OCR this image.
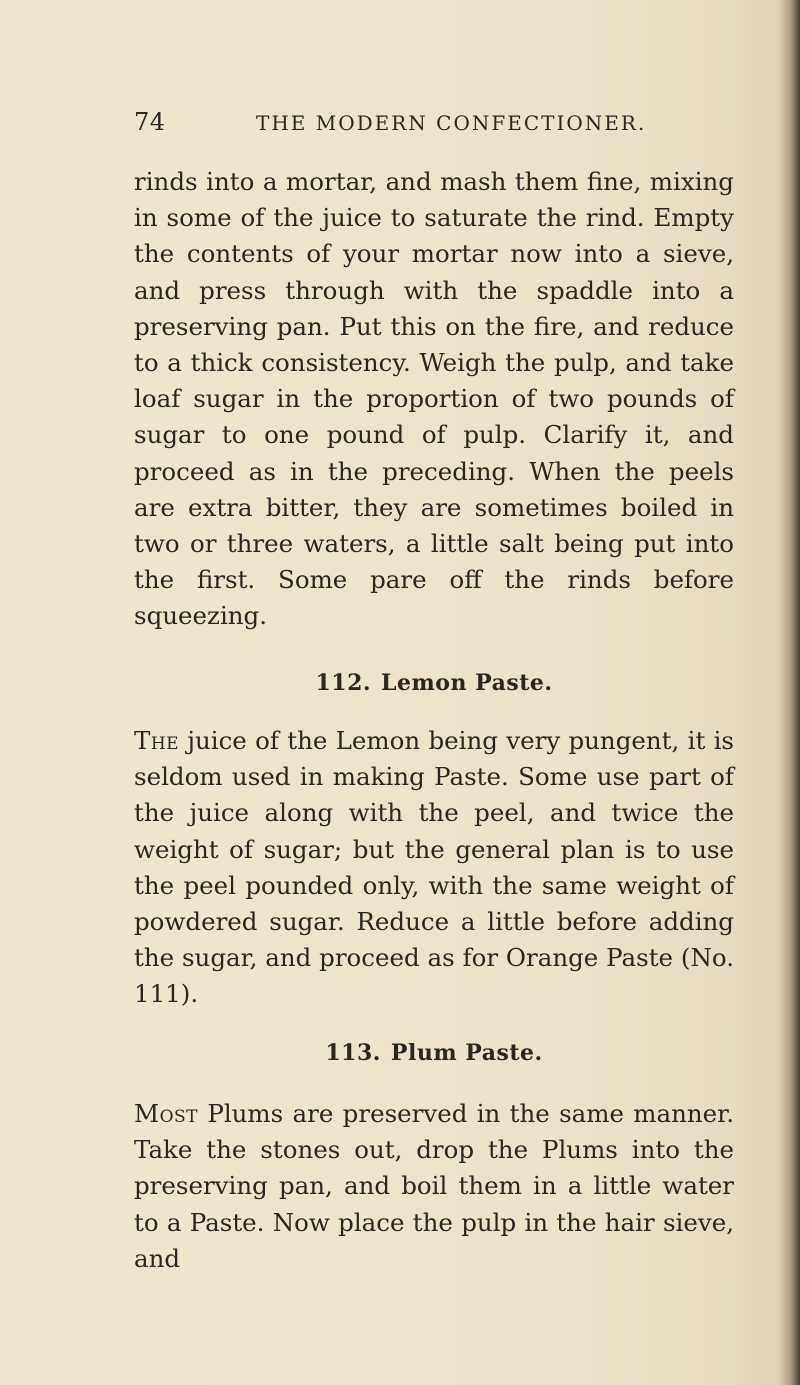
74	THE MODERN CONFECTIONER.

rinds into a mortar, and mash them fine, mixing in some of the juice to saturate the rind. Empty the contents of your mortar now into a sieve, and press through with the spaddle into a preserving pan. Put this on the fire, and reduce to a thick consistency. Weigh the pulp, and take loaf sugar in the proportion of two pounds of sugar to one pound of pulp. Clarify it, and proceed as in the preceding. When the peels are extra bitter, they are sometimes boiled in two or three waters, a little salt being put into the first. Some pare off the rinds before squeezing.

112. Lemon Paste.

The juice of the Lemon being very pungent, it is seldom used in making Paste. Some use part of the juice along with the peel, and twice the weight of sugar; but the general plan is to use the peel pounded only, with the same weight of powdered sugar. Reduce a little before adding the sugar, and proceed as for Orange Paste (No. 111).

113. Plum Paste.

Most Plums are preserved in the same manner. Take the stones out, drop the Plums into the preserving pan, and boil them in a little water to a Paste. Now place the pulp in the hair sieve, and
